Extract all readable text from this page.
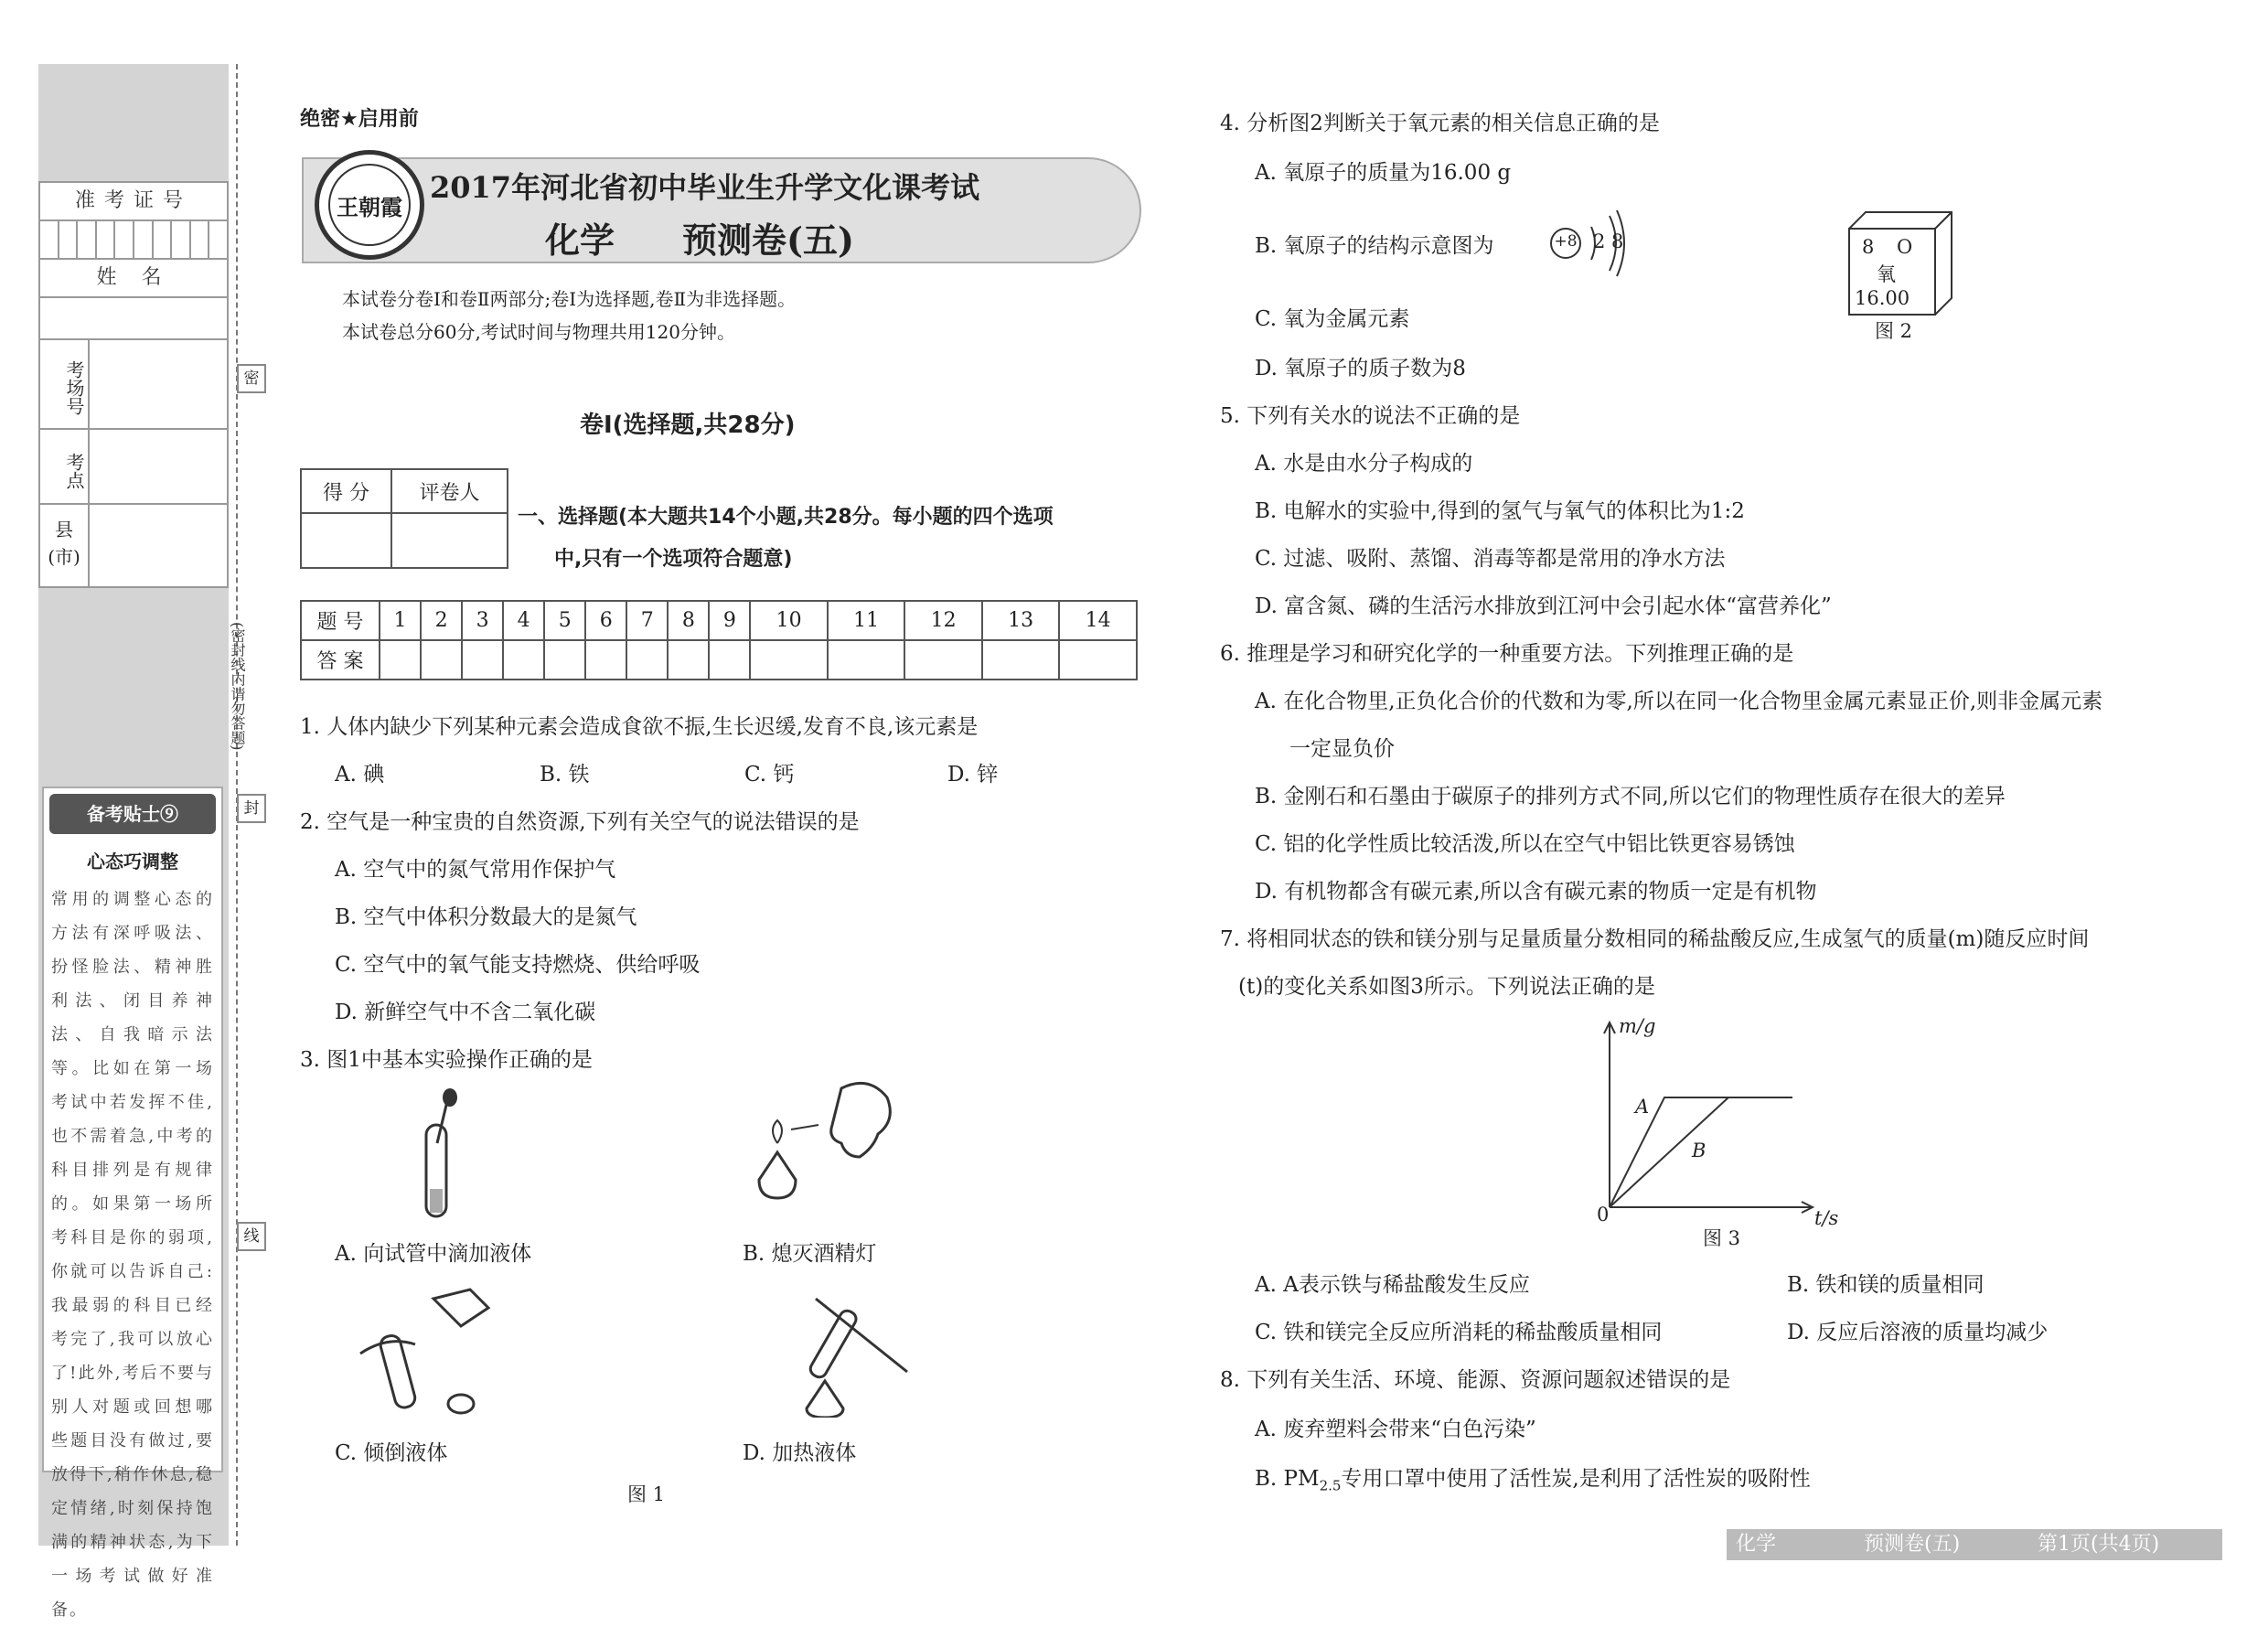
准考证号
姓 名
考场号
考点
县(市)
密
封
线
(密封线内请勿答题)
备考贴士⑨
心态巧调整
常用的调整心态的方法有深呼吸法、扮怪脸法、精神胜利法、闭目养神法、自我暗示法等。比如在第一场考试中若发挥不佳,也不需着急,中考的科目排列是有规律的。如果第一场所考科目是你的弱项,你就可以告诉自己:我最弱的科目已经考完了,我可以放心了!此外,考后不要与别人对题或回想哪些题目没有做过,要放得下,稍作休息,稳定情绪,时刻保持饱满的精神状态,为下一场考试做好准备。
绝密★启用前
王朝霞
2017年河北省初中毕业生升学文化课考试
化学 预测卷(五)
本试卷分卷Ⅰ和卷Ⅱ两部分;卷Ⅰ为选择题,卷Ⅱ为非选择题。
本试卷总分60分,考试时间与物理共用120分钟。
卷Ⅰ(选择题,共28分)
得 分	评卷人

一、选择题(本大题共14个小题,共28分。每小题的四个选项
中,只有一个选项符合题意)
题 号	1	2	3	4	5	6	7	8	9	10	11	12	13	14
答 案														
1. 人体内缺少下列某种元素会造成食欲不振,生长迟缓,发育不良,该元素是
A. 碘	B. 铁	C. 钙	D. 锌
2. 空气是一种宝贵的自然资源,下列有关空气的说法错误的是
A. 空气中的氮气常用作保护气
B. 空气中体积分数最大的是氮气
C. 空气中的氧气能支持燃烧、供给呼吸
D. 新鲜空气中不含二氧化碳
3. 图1中基本实验操作正确的是
A. 向试管中滴加液体	B. 熄灭酒精灯
C. 倾倒液体	D. 加热液体
图 1
4. 分析图2判断关于氧元素的相关信息正确的是
A. 氧原子的质量为16.00 g
B. 氧原子的结构示意图为	+8 2 8
C. 氧为金属元素
D. 氧原子的质子数为8
8 O
氧
16.00
图 2
5. 下列有关水的说法不正确的是
A. 水是由水分子构成的
B. 电解水的实验中,得到的氢气与氧气的体积比为1:2
C. 过滤、吸附、蒸馏、消毒等都是常用的净水方法
D. 富含氮、磷的生活污水排放到江河中会引起水体“富营养化”
6. 推理是学习和研究化学的一种重要方法。下列推理正确的是
A. 在化合物里,正负化合价的代数和为零,所以在同一化合物里金属元素显正价,则非金属元素
一定显负价
B. 金刚石和石墨由于碳原子的排列方式不同,所以它们的物理性质存在很大的差异
C. 铝的化学性质比较活泼,所以在空气中铝比铁更容易锈蚀
D. 有机物都含有碳元素,所以含有碳元素的物质一定是有机物
7. 将相同状态的铁和镁分别与足量质量分数相同的稀盐酸反应,生成氢气的质量(m)随反应时间
(t)的变化关系如图3所示。下列说法正确的是
m/g
t/s
0
A
B
图 3
A. A表示铁与稀盐酸发生反应	B. 铁和镁的质量相同
C. 铁和镁完全反应所消耗的稀盐酸质量相同	D. 反应后溶液的质量均减少
8. 下列有关生活、环境、能源、资源问题叙述错误的是
A. 废弃塑料会带来“白色污染”
B. $PM_{2.5}$专用口罩中使用了活性炭,是利用了活性炭的吸附性
化学	预测卷(五)	第1页(共4页)
